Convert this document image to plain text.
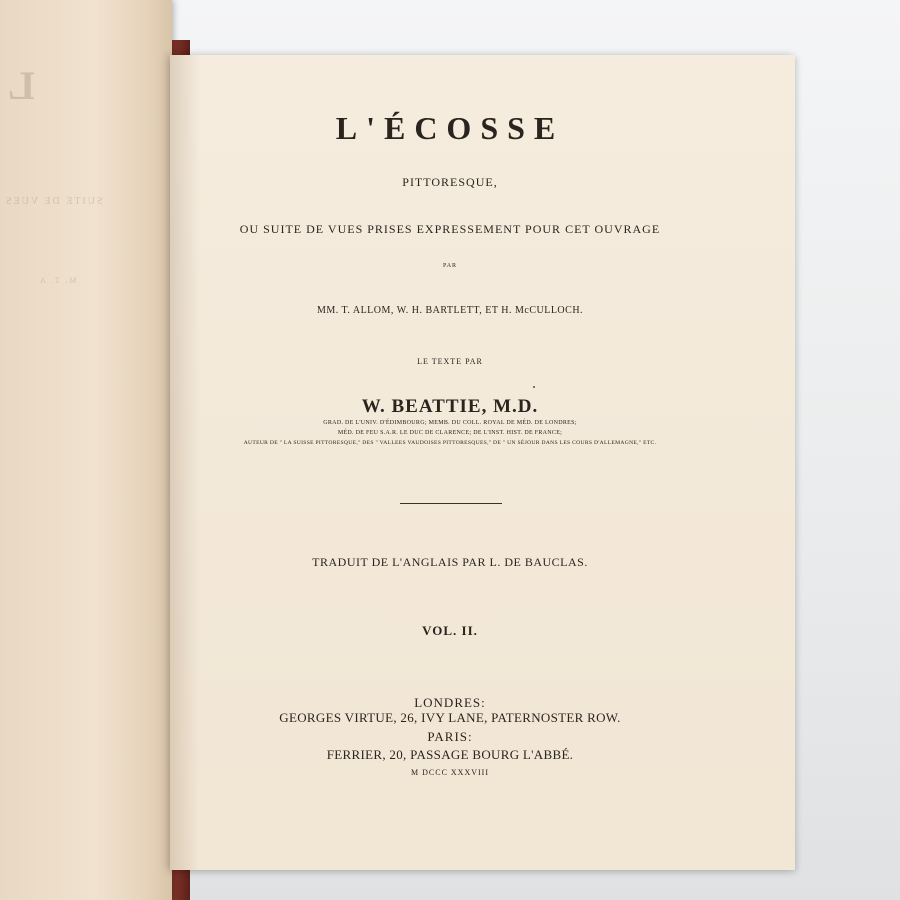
L
SUITE DE VUES
M. T. A
L'ÉCOSSE
PITTORESQUE,
OU SUITE DE VUES PRISES EXPRESSEMENT POUR CET OUVRAGE
PAR
MM. T. ALLOM, W. H. BARTLETT, ET H. McCULLOCH.
LE TEXTE PAR
W. BEATTIE, M.D.
GRAD. DE L'UNIV. D'ÉDIMBOURG; MEMB. DU COLL. ROYAL DE MÉD. DE LONDRES;
MÉD. DE FEU S.A.R. LE DUC DE CLARENCE; DE L'INST. HIST. DE FRANCE;
AUTEUR DE " LA SUISSE PITTORESQUE," DES " VALLEES VAUDOISES PITTORESQUES," DE " UN SÉJOUR DANS LES COURS D'ALLEMAGNE," ETC.
TRADUIT DE L'ANGLAIS PAR L. DE BAUCLAS.
VOL. II.
LONDRES:
GEORGES VIRTUE, 26, IVY LANE, PATERNOSTER ROW.
PARIS:
FERRIER, 20, PASSAGE BOURG L'ABBÉ.
M DCCC XXXVIII
